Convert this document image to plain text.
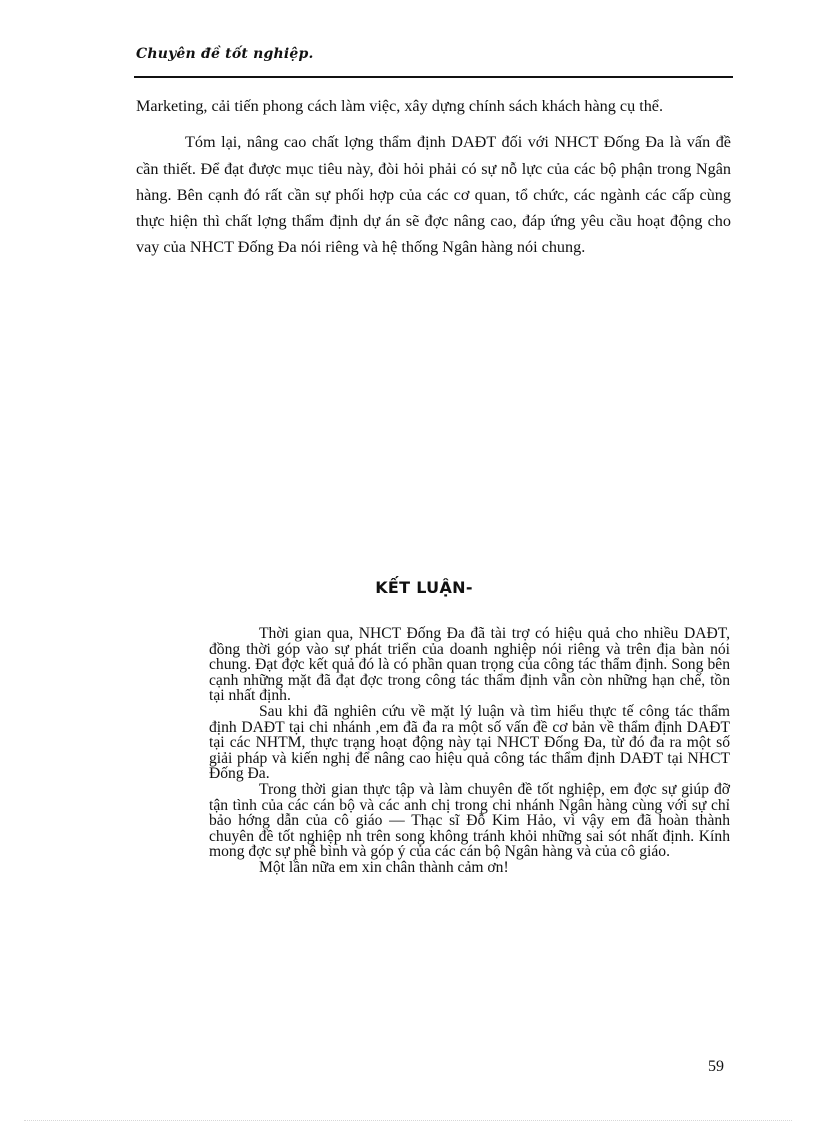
Chuyên đề tốt nghiệp.

Marketing, cải tiến phong cách làm việc, xây dựng chính sách khách hàng cụ thể.

Tóm lại, nâng cao chất lợng thẩm định DAĐT đối với NHCT Đống Đa là vấn đề cần thiết. Để đạt được mục tiêu này, đòi hỏi phải có sự nỗ lực của các bộ phận trong Ngân hàng. Bên cạnh đó rất cần sự phối hợp của các cơ quan, tổ chức, các ngành các cấp cùng thực hiện thì chất lợng thẩm định dự án sẽ đợc nâng cao, đáp ứng yêu cầu hoạt động cho vay của NHCT Đống Đa nói riêng và hệ thống Ngân hàng nói chung.

KẾT LUẬN-

Thời gian qua, NHCT Đống Đa đã tài trợ có hiệu quả cho nhiều DAĐT, đồng thời góp vào sự phát triển của doanh nghiệp nói riêng và trên địa bàn nói chung. Đạt đợc kết quả đó là có phần quan trọng của công tác thẩm định. Song bên cạnh những mặt đã đạt đợc trong công tác thẩm định vẫn còn những hạn chế, tồn tại nhất định.

Sau khi đã nghiên cứu về mặt lý luận và tìm hiểu thực tế công tác thẩm định DAĐT tại chi nhánh ,em đã đa ra một số vấn đề cơ bản về thẩm định DAĐT tại các NHTM, thực trạng hoạt động này tại NHCT Đống Đa, từ đó đa ra một số giải pháp và kiến nghị để nâng cao hiệu quả công tác thẩm định DAĐT tại NHCT Đống Đa.

Trong thời gian thực tập và làm chuyên đề tốt nghiệp, em đợc sự giúp đỡ tận tình của các cán bộ và các anh chị trong chi nhánh Ngân hàng cùng với sự chỉ bảo hớng dẫn của cô giáo — Thạc sĩ Đỗ Kim Hảo, vì vậy em đã hoàn thành chuyên đề tốt nghiệp nh trên song không tránh khỏi những sai sót nhất định. Kính mong đợc sự phê bình và góp ý của các cán bộ Ngân hàng và của cô giáo.

Một lần nữa em xin chân thành cảm ơn!

59
